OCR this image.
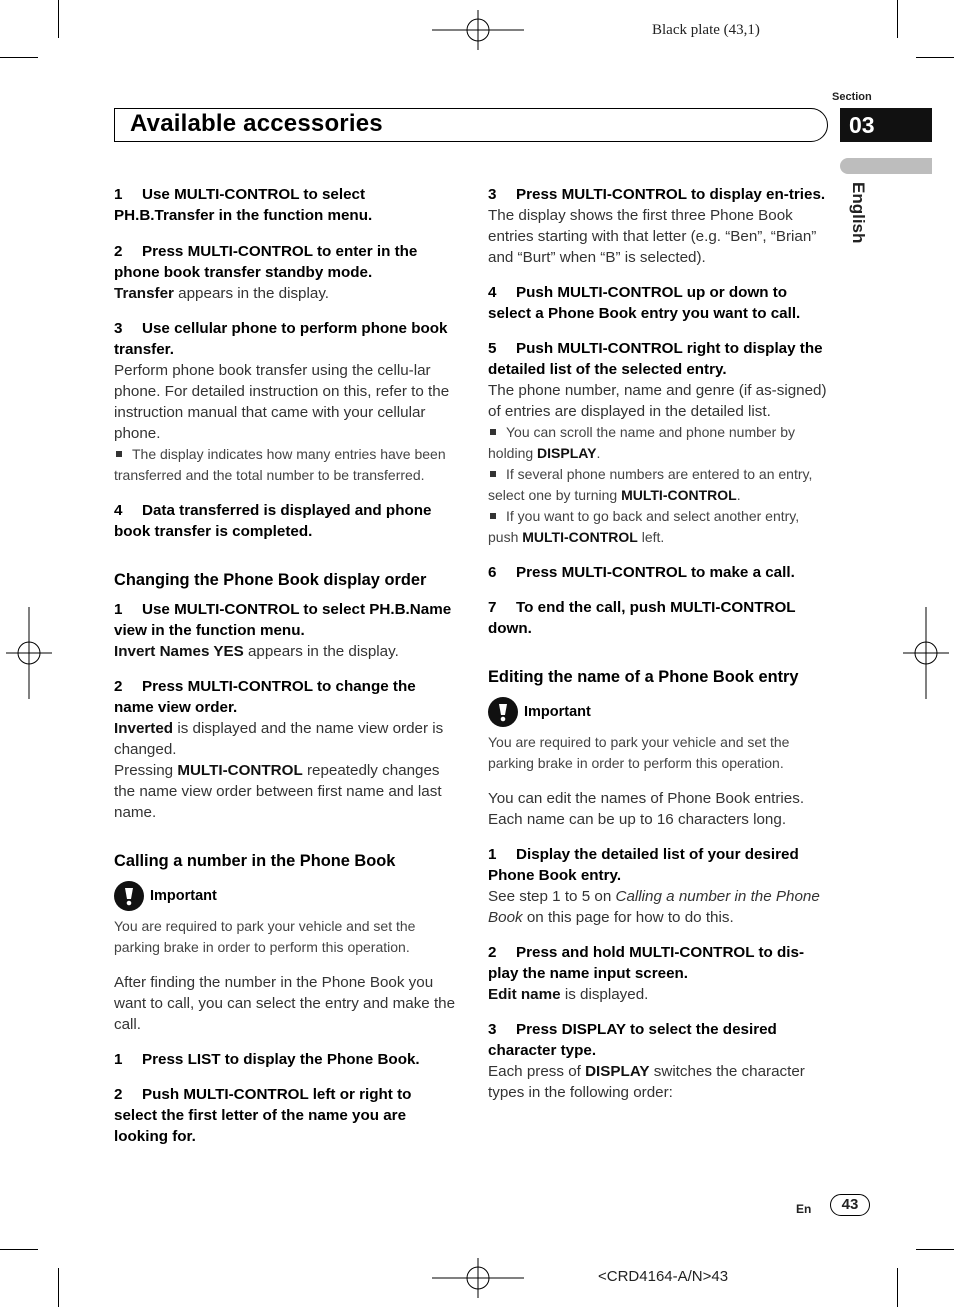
Black plate (43,1)
Section
Available accessories	03
English

1 Use MULTI-CONTROL to select PH.B.Transfer in the function menu.

2 Press MULTI-CONTROL to enter in the phone book transfer standby mode.

Transfer appears in the display.

3 Use cellular phone to perform phone book transfer.

Perform phone book transfer using the cellu-lar phone. For detailed instruction on this, refer to the instruction manual that came with your cellular phone.

The display indicates how many entries have been transferred and the total number to be transferred.

4 Data transferred is displayed and phone book transfer is completed.

Changing the Phone Book display order

1 Use MULTI-CONTROL to select PH.B.Name view in the function menu.

Invert Names YES appears in the display.

2 Press MULTI-CONTROL to change the name view order.

Inverted is displayed and the name view order is changed.

Pressing MULTI-CONTROL repeatedly changes the name view order between first name and last name.

Calling a number in the Phone Book

Important

You are required to park your vehicle and set the parking brake in order to perform this operation.

After finding the number in the Phone Book you want to call, you can select the entry and make the call.

1 Press LIST to display the Phone Book.

2 Push MULTI-CONTROL left or right to select the first letter of the name you are looking for.

3 Press MULTI-CONTROL to display en-tries.

The display shows the first three Phone Book entries starting with that letter (e.g. “Ben”, “Brian” and “Burt” when “B” is selected).

4 Push MULTI-CONTROL up or down to select a Phone Book entry you want to call.

5 Push MULTI-CONTROL right to display the detailed list of the selected entry.

The phone number, name and genre (if as-signed) of entries are displayed in the detailed list.

You can scroll the name and phone number by holding DISPLAY.

If several phone numbers are entered to an entry, select one by turning MULTI-CONTROL.

If you want to go back and select another entry, push MULTI-CONTROL left.

6 Press MULTI-CONTROL to make a call.

7 To end the call, push MULTI-CONTROL down.

Editing the name of a Phone Book entry

Important

You are required to park your vehicle and set the parking brake in order to perform this operation.

You can edit the names of Phone Book entries. Each name can be up to 16 characters long.

1 Display the detailed list of your desired Phone Book entry.

See step 1 to 5 on Calling a number in the Phone Book on this page for how to do this.

2 Press and hold MULTI-CONTROL to dis-play the name input screen.

Edit name is displayed.

3 Press DISPLAY to select the desired character type.

Each press of DISPLAY switches the character types in the following order:

En	43
<CRD4164-A/N>43
